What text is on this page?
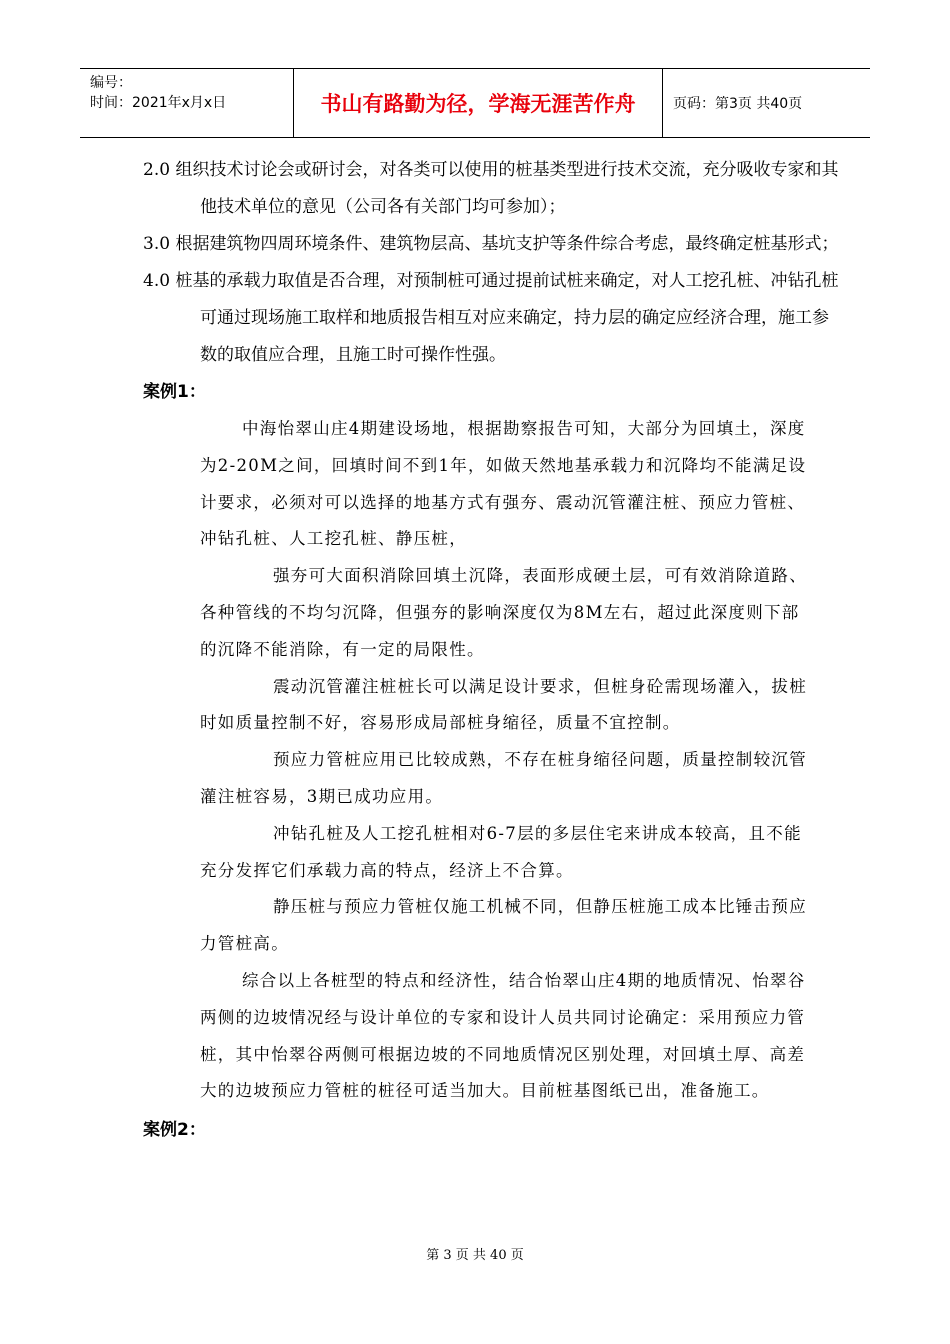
编号：
时间：2021年x月x日	书山有路勤为径，学海无涯苦作舟	页码：第3页 共40页

2.0 组织技术讨论会或研讨会，对各类可以使用的桩基类型进行技术交流，充分吸收专家和其他技术单位的意见（公司各有关部门均可参加）；

3.0 根据建筑物四周环境条件、建筑物层高、基坑支护等条件综合考虑，最终确定桩基形式；

4.0 桩基的承载力取值是否合理，对预制桩可通过提前试桩来确定，对人工挖孔桩、冲钻孔桩可通过现场施工取样和地质报告相互对应来确定，持力层的确定应经济合理，施工参数的取值应合理，且施工时可操作性强。

案例1：

中海怡翠山庄4期建设场地，根据勘察报告可知，大部分为回填土，深度为2-20M之间，回填时间不到1年，如做天然地基承载力和沉降均不能满足设计要求，必须对可以选择的地基方式有强夯、震动沉管灌注桩、预应力管桩、冲钻孔桩、人工挖孔桩、静压桩，

强夯可大面积消除回填土沉降，表面形成硬土层，可有效消除道路、各种管线的不均匀沉降，但强夯的影响深度仅为8M左右，超过此深度则下部的沉降不能消除，有一定的局限性。

震动沉管灌注桩桩长可以满足设计要求，但桩身砼需现场灌入，拔桩时如质量控制不好，容易形成局部桩身缩径，质量不宜控制。

预应力管桩应用已比较成熟，不存在桩身缩径问题，质量控制较沉管灌注桩容易，3期已成功应用。

冲钻孔桩及人工挖孔桩相对6-7层的多层住宅来讲成本较高，且不能充分发挥它们承载力高的特点，经济上不合算。

静压桩与预应力管桩仅施工机械不同，但静压桩施工成本比锤击预应力管桩高。

综合以上各桩型的特点和经济性，结合怡翠山庄4期的地质情况、怡翠谷两侧的边坡情况经与设计单位的专家和设计人员共同讨论确定：采用预应力管桩，其中怡翠谷两侧可根据边坡的不同地质情况区别处理，对回填土厚、高差大的边坡预应力管桩的桩径可适当加大。目前桩基图纸已出，准备施工。

案例2：

第 3 页 共 40 页
